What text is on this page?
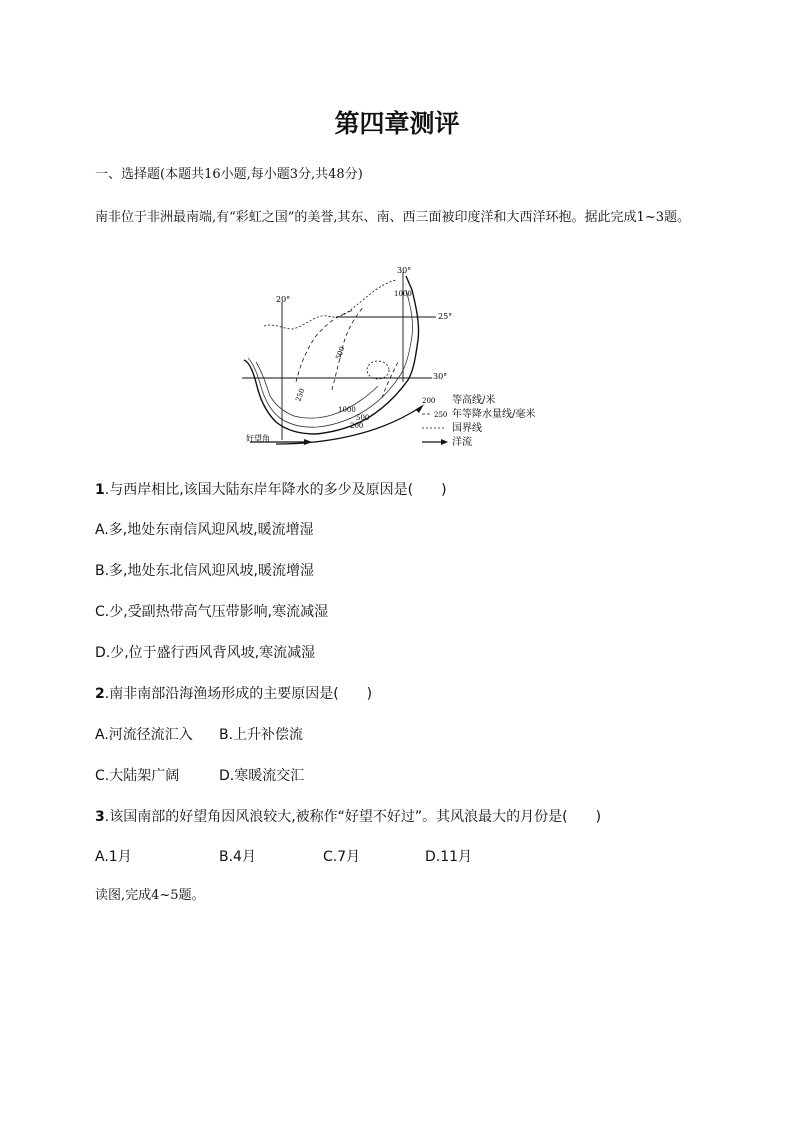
第四章测评
一、选择题(本题共16小题,每小题3分,共48分)
南非位于非洲最南端,有“彩虹之国”的美誉,其东、南、西三面被印度洋和大西洋环抱。据此完成1~3题。
30°
25°
20°
30°
1000
500
250
1000
500
200
好望角
200 等高线/米
250 年等降水量线/毫米
国界线
洋流
1.与西岸相比,该国大陆东岸年降水的多少及原因是(　　)
A.多,地处东南信风迎风坡,暖流增湿
B.多,地处东北信风迎风坡,暖流增湿
C.少,受副热带高气压带影响,寒流减湿
D.少,位于盛行西风背风坡,寒流减湿
2.南非南部沿海渔场形成的主要原因是(　　)
A.河流径流汇入 B.上升补偿流
C.大陆架广阔	D.寒暖流交汇
3.该国南部的好望角因风浪较大,被称作“好望不好过”。其风浪最大的月份是(　　)
A.1月	B.4月	C.7月	D.11月
读图,完成4~5题。
